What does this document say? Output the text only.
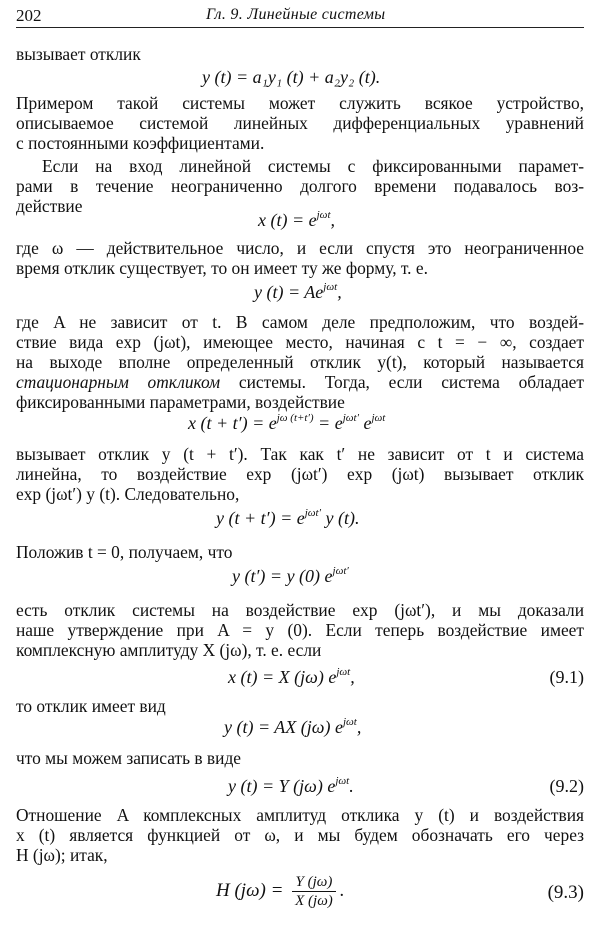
202	Гл. 9. Линейные системы
вызывает отклик
y (t) = a₁y₁ (t) + a₂y₂ (t).
Примером такой системы может служить всякое устройство,
описываемое системой линейных дифференциальных уравнений
с постоянными коэффициентами.
Если на вход линейной системы с фиксированными парамет-
рами в течение неограниченно долгого времени подавалось воз-
действие
x $(t) = e^{j\omega t}$,
где ω — действительное число, и если спустя это неограниченное
время отклик существует, то он имеет ту же форму, т. е.
y $(t) = Ae^{j\omega t}$,
где A не зависит от t. В самом деле предположим, что воздей-
ствие вида exp (jωt), имеющее место, начиная с t = − ∞, создает
на выходе вполне определенный отклик y(t), который называется
стационарным откликом системы. Тогда, если система обладает
фиксированными параметрами, воздействие
x $(t + t') = e^{j\omega (t+t')} = e^{j\omega t'}$ $e^{j\omega t}$
вызывает отклик y (t + t′). Так как t′ не зависит от t и система
линейна, то воздействие exp (jωt′) exp (jωt) вызывает отклик
exp (jωt′) y (t). Следовательно,
y $(t + t') = e^{j\omega t'}$ y (t).
Положив t = 0, получаем, что
y (t′) = y (0) $e^{j\omega t'}$
есть отклик системы на воздействие exp (jωt′), и мы доказали
наше утверждение при A = y (0). Если теперь воздействие имеет
комплексную амплитуду X (jω), т. е. если
x (t) = X (jω) $e^{j\omega t}$,	(9.1)
то отклик имеет вид
y (t) = AX (jω) $e^{j\omega t}$,
что мы можем записать в виде
y (t) = Y (jω) $e^{j\omega t}$.	(9.2)
Отношение A комплексных амплитуд отклика y (t) и воздействия
x (t) является функцией от ω, и мы будем обозначать его через
H (jω); итак,
H $(j\omega) = \frac{Y (j\omega)}{X (j\omega)}$ .	(9.3)
